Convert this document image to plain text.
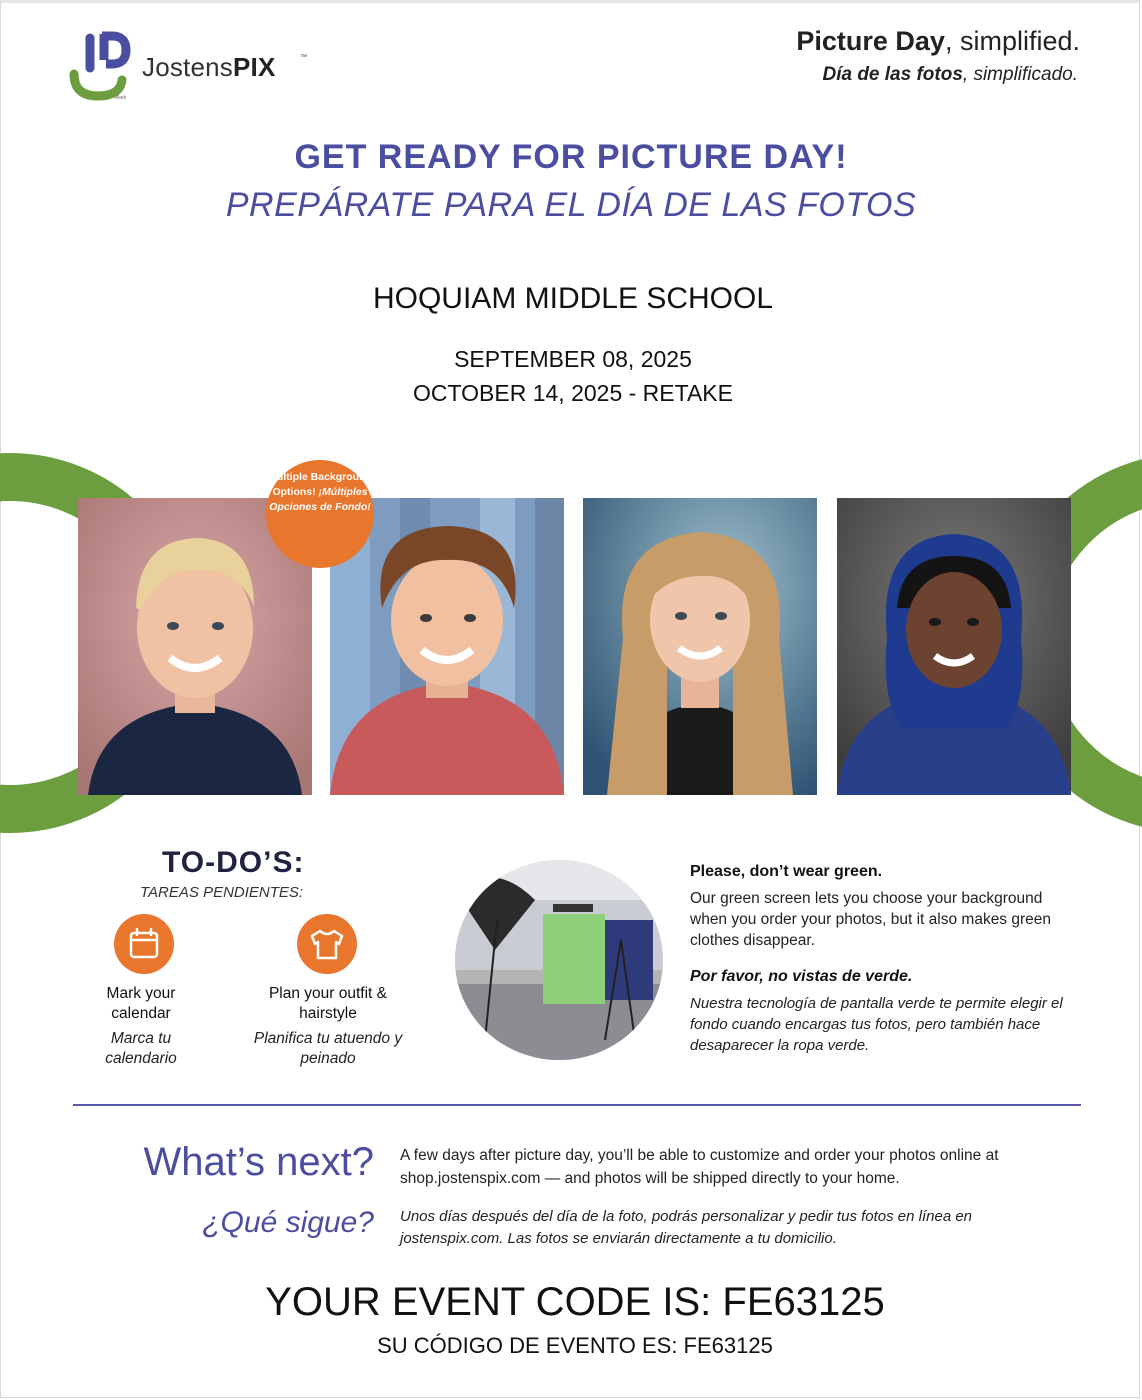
JostensPIX	™
Mark
Picture Day, simplified.
Día de las fotos, simplificado.
GET READY FOR PICTURE DAY!
PREPÁRATE PARA EL DÍA DE LAS FOTOS
HOQUIAM MIDDLE SCHOOL
SEPTEMBER 08, 2025
OCTOBER 14, 2025 - RETAKE
Multiple Background Options! ¡Múltiples Opciones de Fondo!
TO-DO’S:
TAREAS PENDIENTES:
Mark your calendar
Marca tu calendario
Plan your outfit & hairstyle
Planifica tu atuendo y peinado
Please, don’t wear green.
Our green screen lets you choose your background when you order your photos, but it also makes green clothes disappear.
Por favor, no vistas de verde.
Nuestra tecnología de pantalla verde te permite elegir el fondo cuando encargas tus fotos, pero también hace desaparecer la ropa verde.
What’s next?
¿Qué sigue?
A few days after picture day, you’ll be able to customize and order your photos online at shop.jostenspix.com — and photos will be shipped directly to your home.
Unos días después del día de la foto, podrás personalizar y pedir tus fotos en línea en jostenspix.com. Las fotos se enviarán directamente a tu domicilio.
YOUR EVENT CODE IS: FE63125
SU CÓDIGO DE EVENTO ES: FE63125
